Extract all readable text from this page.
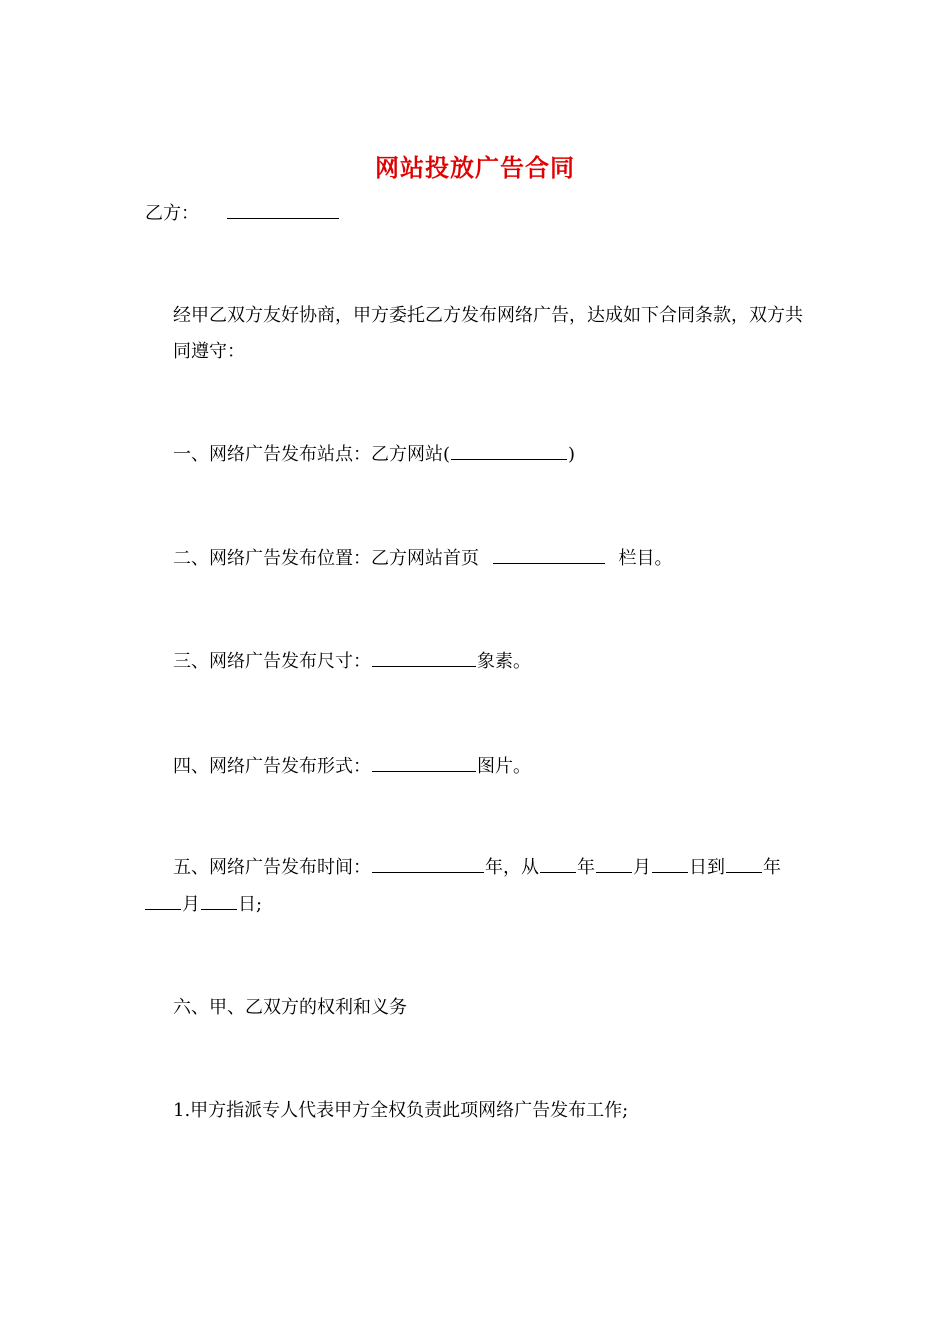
网站投放广告合同
乙方：
经甲乙双方友好协商，甲方委托乙方发布网络广告，达成如下合同条款，双方共同遵守：
一、网络广告发布站点：乙方网站(	)
二、网络广告发布位置：乙方网站首页	栏目。
三、网络广告发布尺寸：	象素。
四、网络广告发布形式：	图片。
五、网络广告发布时间：	年，从 年 月 日到 年
月 日;
六、甲、乙双方的权利和义务
1.甲方指派专人代表甲方全权负责此项网络广告发布工作;
